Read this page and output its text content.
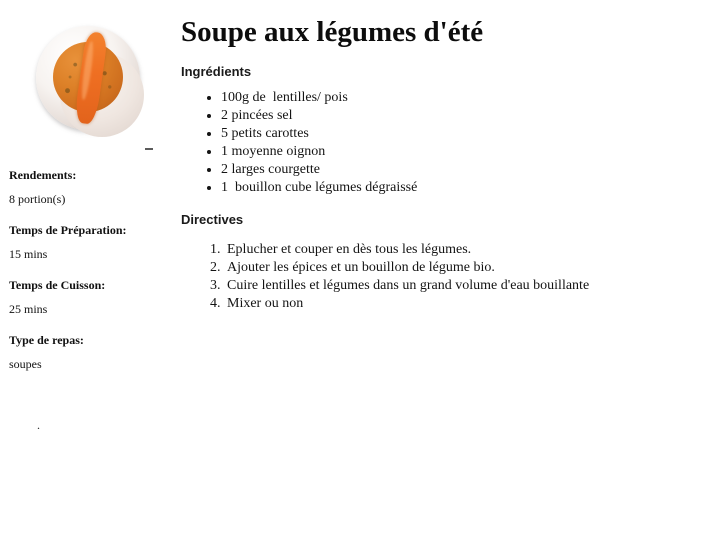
Rendements:

8 portion(s)

Temps de Préparation:

15 mins

Temps de Cuisson:

25 mins

Type de repas:

soupes

.
Soupe aux légumes d'été
Ingrédients
• 100g de  lentilles/ pois
• 2 pincées sel
• 5 petits carottes
• 1 moyenne oignon
• 2 larges courgette
• 1  bouillon cube légumes dégraissé
Directives
1. Eplucher et couper en dès tous les légumes.
2. Ajouter les épices et un bouillon de légume bio.
3. Cuire lentilles et légumes dans un grand volume d'eau bouillante
4. Mixer ou non
